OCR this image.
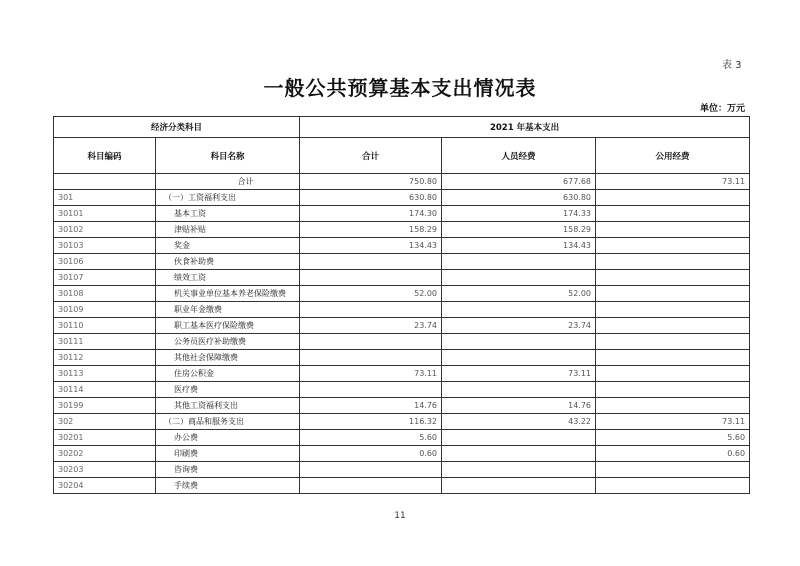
表 3
一般公共预算基本支出情况表
单位：万元
经济分类科目		2021 年基本支出		
科目编码	科目名称	合计	人员经费	公用经费
	合计	750.80	677.68	73.11
301	（一）工资福利支出	630.80	630.80	
30101	基本工资	174.30	174.33	
30102	津贴补贴	158.29	158.29	
30103	奖金	134.43	134.43	
30106	伙食补助费			
30107	绩效工资			
30108	机关事业单位基本养老保险缴费	52.00	52.00	
30109	职业年金缴费			
30110	职工基本医疗保险缴费	23.74	23.74	
30111	公务员医疗补助缴费			
30112	其他社会保障缴费			
30113	住房公积金	73.11	73.11	
30114	医疗费			
30199	其他工资福利支出	14.76	14.76	
302	（二）商品和服务支出	116.32	43.22	73.11
30201	办公费	5.60		5.60
30202	印刷费	0.60		0.60
30203	咨询费			
30204	手续费			
11
